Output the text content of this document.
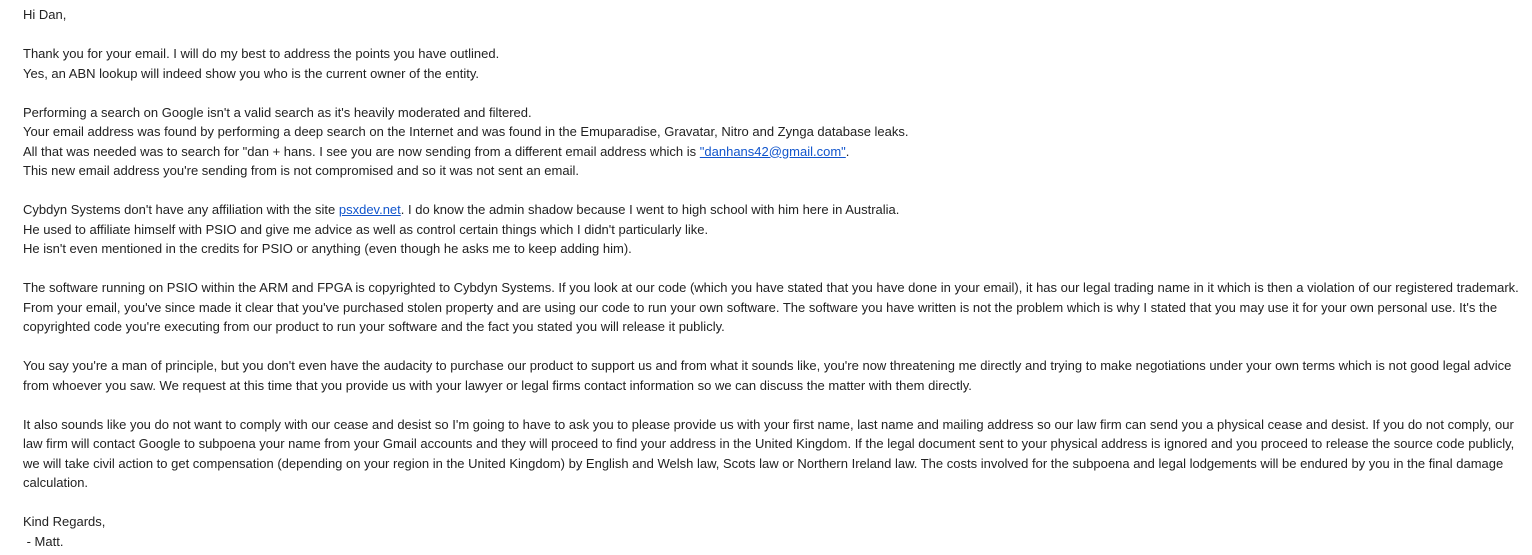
Hi Dan,
Thank you for your email. I will do my best to address the points you have outlined.
Yes, an ABN lookup will indeed show you who is the current owner of the entity.
Performing a search on Google isn't a valid search as it's heavily moderated and filtered.
Your email address was found by performing a deep search on the Internet and was found in the Emuparadise, Gravatar, Nitro and Zynga database leaks.
All that was needed was to search for "dan + hans. I see you are now sending from a different email address which is "danhans42@gmail.com".
This new email address you're sending from is not compromised and so it was not sent an email.
Cybdyn Systems don't have any affiliation with the site psxdev.net. I do know the admin shadow because I went to high school with him here in Australia.
He used to affiliate himself with PSIO and give me advice as well as control certain things which I didn't particularly like.
He isn't even mentioned in the credits for PSIO or anything (even though he asks me to keep adding him).
The software running on PSIO within the ARM and FPGA is copyrighted to Cybdyn Systems. If you look at our code (which you have stated that you have done in your email), it has our legal trading name in it which is then a violation of our registered trademark. From your email, you've since made it clear that you've purchased stolen property and are using our code to run your own software. The software you have written is not the problem which is why I stated that you may use it for your own personal use. It's the copyrighted code you're executing from our product to run your software and the fact you stated you will release it publicly.
You say you're a man of principle, but you don't even have the audacity to purchase our product to support us and from what it sounds like, you're now threatening me directly and trying to make negotiations under your own terms which is not good legal advice from whoever you saw. We request at this time that you provide us with your lawyer or legal firms contact information so we can discuss the matter with them directly.
It also sounds like you do not want to comply with our cease and desist so I'm going to have to ask you to please provide us with your first name, last name and mailing address so our law firm can send you a physical cease and desist. If you do not comply, our law firm will contact Google to subpoena your name from your Gmail accounts and they will proceed to find your address in the United Kingdom. If the legal document sent to your physical address is ignored and you proceed to release the source code publicly, we will take civil action to get compensation (depending on your region in the United Kingdom) by English and Welsh law, Scots law or Northern Ireland law. The costs involved for the subpoena and legal lodgements will be endured by you in the final damage calculation.
Kind Regards,
- Matt.
